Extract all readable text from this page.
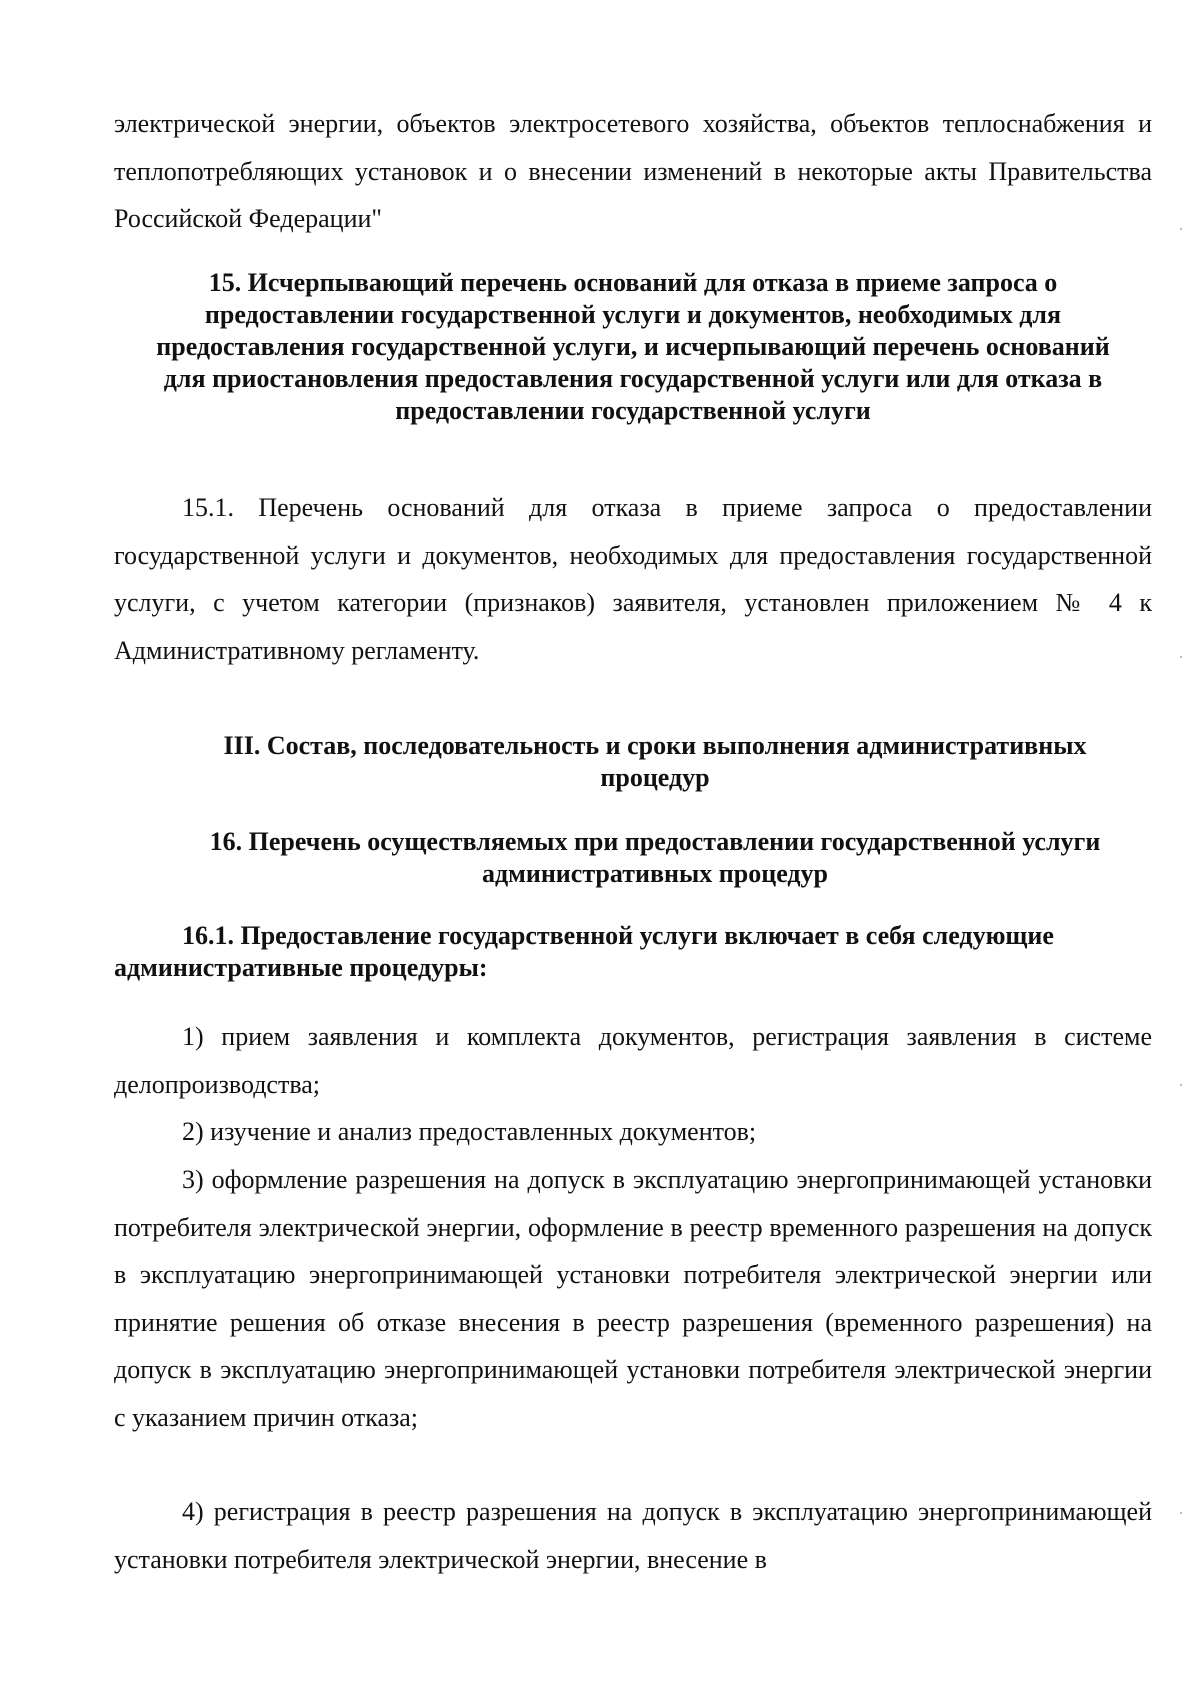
электрической энергии, объектов электросетевого хозяйства, объектов теплоснабжения и теплопотребляющих установок и о внесении изменений в некоторые акты Правительства Российской Федерации"

15. Исчерпывающий перечень оснований для отказа в приеме запроса о предоставлении государственной услуги и документов, необходимых для предоставления государственной услуги, и исчерпывающий перечень оснований для приостановления предоставления государственной услуги или для отказа в предоставлении государственной услуги

15.1. Перечень оснований для отказа в приеме запроса о предоставлении государственной услуги и документов, необходимых для предоставления государственной услуги, с учетом категории (признаков) заявителя, установлен приложением № 4 к Административному регламенту.

III. Состав, последовательность и сроки выполнения административных процедур

16. Перечень осуществляемых при предоставлении государственной услуги административных процедур

16.1. Предоставление государственной услуги включает в себя следующие административные процедуры:

1) прием заявления и комплекта документов, регистрация заявления в системе делопроизводства;

2) изучение и анализ предоставленных документов;

3) оформление разрешения на допуск в эксплуатацию энергопринимающей установки потребителя электрической энергии, оформление в реестр временного разрешения на допуск в эксплуатацию энергопринимающей установки потребителя электрической энергии или принятие решения об отказе внесения в реестр разрешения (временного разрешения) на допуск в эксплуатацию энергопринимающей установки потребителя электрической энергии с указанием причин отказа;

4) регистрация в реестр разрешения на допуск в эксплуатацию энергопринимающей установки потребителя электрической энергии, внесение в
